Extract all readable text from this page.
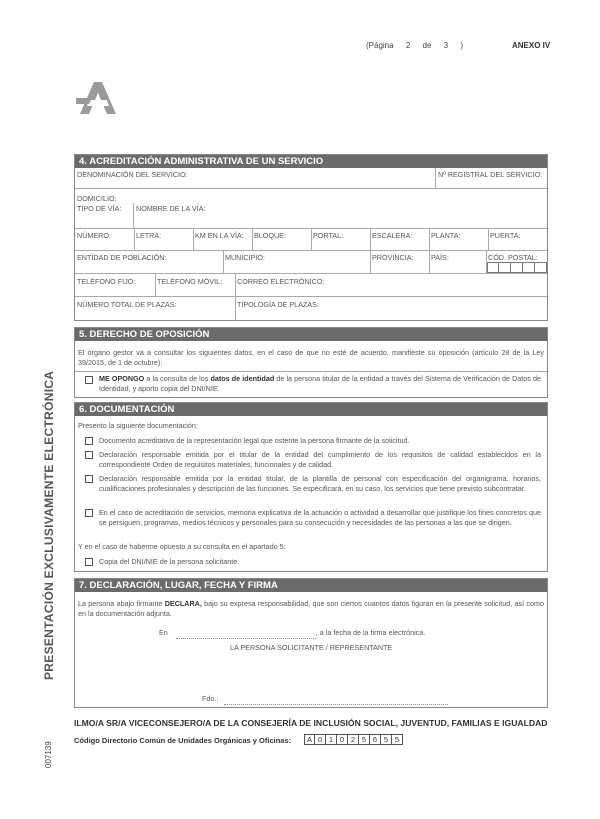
(Página 2 de 3 )	ANEXO IV
PRESENTACIÓN EXCLUSIVAMENTE ELECTRÓNICA
007139
4. ACREDITACIÓN ADMINISTRATIVA DE UN SERVICIO
DENOMINACIÓN DEL SERVICIO:	Nº REGISTRAL DEL SERVICIO:
DOMICILIO:
TIPO DE VÍA: NOMBRE DE LA VÍA:
NÚMERO:	LETRA:	KM EN LA VÍA: BLOQUE:	PORTAL:	ESCALERA:	PLANTA:	PUERTA:
ENTIDAD DE POBLACIÓN:	MUNICIPIO:	PROVINCIA: PAÍS:	CÓD. POSTAL:
TELÉFONO FIJO:	TELÉFONO MÓVIL: CORREO ELECTRÓNICO:
NÚMERO TOTAL DE PLAZAS:	TIPOLOGÍA DE PLAZAS:
5. DERECHO DE OPOSICIÓN
El órgano gestor va a consultar los siguientes datos, en el caso de que no esté de acuerdo, manifieste su oposición (artículo 28 de la Ley 39/2015, de 1 de octubre):
ME OPONGO a la consulta de los datos de identidad de la persona titular de la entidad a través del Sistema de Verificación de Datos de Identidad, y aporto copia del DNI/NIE.
6. DOCUMENTACIÓN
Presento la siguiente documentación:
Documento acreditativo de la representación legal que ostente la persona firmante de la solicitud.
Declaración responsable emitida por el titular de la entidad del cumplimiento de los requisitos de calidad establecidos en la correspondiente Orden de requisitos materiales, funcionales y de calidad.
Declaración responsable emitida por la entidad titular, de la plantilla de personal con especificación del organigrama, horarios, cualificaciones profesionales y descripción de las funciones. Se especificará, en su caso, los servicios que tiene previsto subcontratar.
En el caso de acreditación de servicios, memoria explicativa de la actuación o actividad a desarrollar que justifique los fines concretos que se persiguen, programas, medios técnicos y personales para su consecución y necesidades de las personas a las que se dirigen.
Y en el caso de haberme opuesto a su consulta en el apartado 5:
Copia del DNI/NIE de la persona solicitante.
7. DECLARACIÓN, LUGAR, FECHA Y FIRMA
La persona abajo firmante DECLARA, bajo su expresa responsabilidad, que son ciertos cuantos datos figuran en la presente solicitud, así como en la documentación adjunta.
En	, a la fecha de la firma electrónica.
LA PERSONA SOLICITANTE / REPRESENTANTE
Fdo.:
ILMO/A SR/A VICECONSEJERO/A DE LA CONSEJERÍA DE INCLUSIÓN SOCIAL, JUVENTUD, FAMILIAS E IGUALDAD
Código Directorio Común de Unidades Orgánicas y Oficinas:	A 0 1 0 2 5 6 5 5
